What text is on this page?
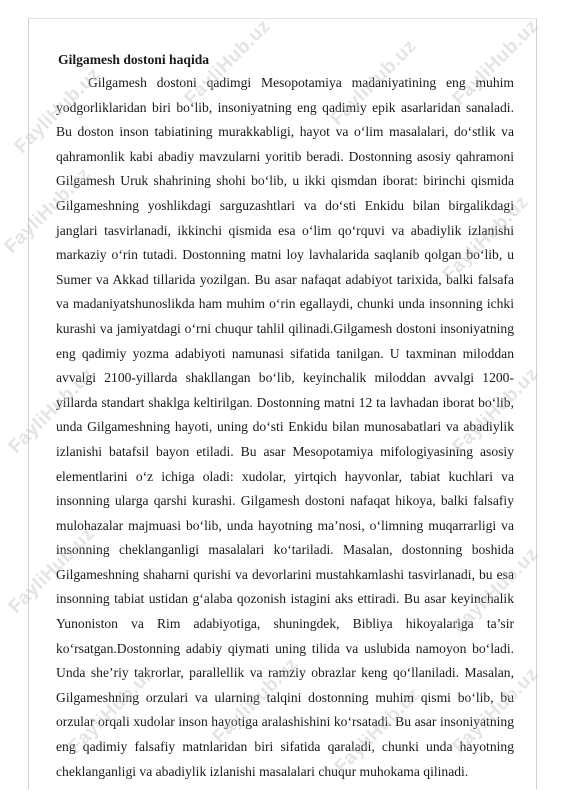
Gilgamesh dostoni haqida

Gilgamesh dostoni qadimgi Mesopotamiya madaniyatining eng muhim yodgorliklaridan biri bo‘lib, insoniyatning eng qadimiy epik asarlaridan sanaladi. Bu doston inson tabiatining murakkabligi, hayot va o‘lim masalalari, do‘stlik va qahramonlik kabi abadiy mavzularni yoritib beradi. Dostonning asosiy qahramoni Gilgamesh Uruk shahrining shohi bo‘lib, u ikki qismdan iborat: birinchi qismida Gilgameshning yoshlikdagi sarguzashtlari va do‘sti Enkidu bilan birgalikdagi janglari tasvirlanadi, ikkinchi qismida esa o‘lim qo‘rquvi va abadiylik izlanishi markaziy o‘rin tutadi. Dostonning matni loy lavhalarida saqlanib qolgan bo‘lib, u Sumer va Akkad tillarida yozilgan. Bu asar nafaqat adabiyot tarixida, balki falsafa va madaniyatshunoslikda ham muhim o‘rin egallaydi, chunki unda insonning ichki kurashi va jamiyatdagi o‘rni chuqur tahlil qilinadi.Gilgamesh dostoni insoniyatning eng qadimiy yozma adabiyoti namunasi sifatida tanilgan. U taxminan miloddan avvalgi 2100-yillarda shakllangan bo‘lib, keyinchalik miloddan avvalgi 1200-yillarda standart shaklga keltirilgan. Dostonning matni 12 ta lavhadan iborat bo‘lib, unda Gilgameshning hayoti, uning do‘sti Enkidu bilan munosabatlari va abadiylik izlanishi batafsil bayon etiladi. Bu asar Mesopotamiya mifologiyasining asosiy elementlarini o‘z ichiga oladi: xudolar, yirtqich hayvonlar, tabiat kuchlari va insonning ularga qarshi kurashi. Gilgamesh dostoni nafaqat hikoya, balki falsafiy mulohazalar majmuasi bo‘lib, unda hayotning ma’nosi, o‘limning muqarrarligi va insonning cheklanganligi masalalari ko‘tariladi. Masalan, dostonning boshida Gilgameshning shaharni qurishi va devorlarini mustahkamlashi tasvirlanadi, bu esa insonning tabiat ustidan g‘alaba qozonish istagini aks ettiradi. Bu asar keyinchalik Yunoniston va Rim adabiyotiga, shuningdek, Bibliya hikoyalariga ta’sir ko‘rsatgan.Dostonning adabiy qiymati uning tilida va uslubida namoyon bo‘ladi. Unda she’riy takrorlar, parallellik va ramziy obrazlar keng qo‘llaniladi. Masalan, Gilgameshning orzulari va ularning talqini dostonning muhim qismi bo‘lib, bu orzular orqali xudolar inson hayotiga aralashishini ko‘rsatadi. Bu asar insoniyatning eng qadimiy falsafiy matnlaridan biri sifatida qaraladi, chunki unda hayotning cheklanganligi va abadiylik izlanishi masalalari chuqur muhokama qilinadi.

FayliHub.uz
FayliHub.uz	FayliHub.uz FayliHub.uz
FayliHub.uz	FayliHub.uz
FayliHub.uz	FayliHub.uz
FayliHub.uz	FayliHub.uz
FayliHub.uz	FayliHub.uz FayliHub.uz FayliHub.uz
